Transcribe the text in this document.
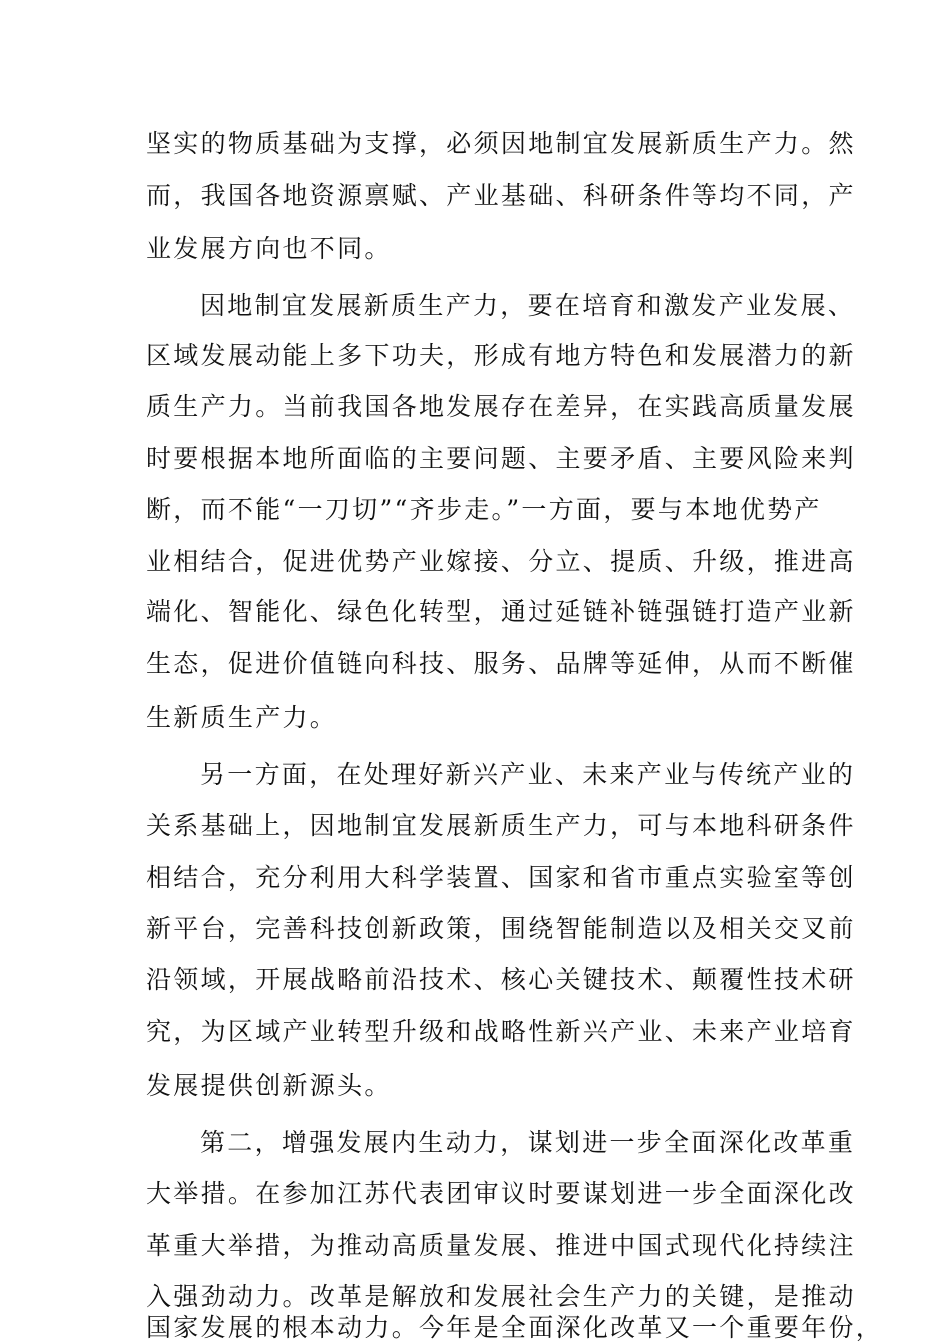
坚实的物质基础为支撑，必须因地制宜发展新质生产力。然
而，我国各地资源禀赋、产业基础、科研条件等均不同，产
业发展方向也不同。
因地制宜发展新质生产力，要在培育和激发产业发展、
区域发展动能上多下功夫，形成有地方特色和发展潜力的新
质生产力。当前我国各地发展存在差异，在实践高质量发展
时要根据本地所面临的主要问题、主要矛盾、主要风险来判
断，而不能“一刀切”“齐步走。”一方面，要与本地优势产
业相结合，促进优势产业嫁接、分立、提质、升级，推进高
端化、智能化、绿色化转型，通过延链补链强链打造产业新
生态，促进价值链向科技、服务、品牌等延伸，从而不断催
生新质生产力。
另一方面，在处理好新兴产业、未来产业与传统产业的
关系基础上，因地制宜发展新质生产力，可与本地科研条件
相结合，充分利用大科学装置、国家和省市重点实验室等创
新平台，完善科技创新政策，围绕智能制造以及相关交叉前
沿领域，开展战略前沿技术、核心关键技术、颠覆性技术研
究，为区域产业转型升级和战略性新兴产业、未来产业培育
发展提供创新源头。
第二，增强发展内生动力，谋划进一步全面深化改革重
大举措。在参加江苏代表团审议时要谋划进一步全面深化改
革重大举措，为推动高质量发展、推进中国式现代化持续注
入强劲动力。改革是解放和发展社会生产力的关键，是推动
国家发展的根本动力。今年是全面深化改革又一个重要年份，
